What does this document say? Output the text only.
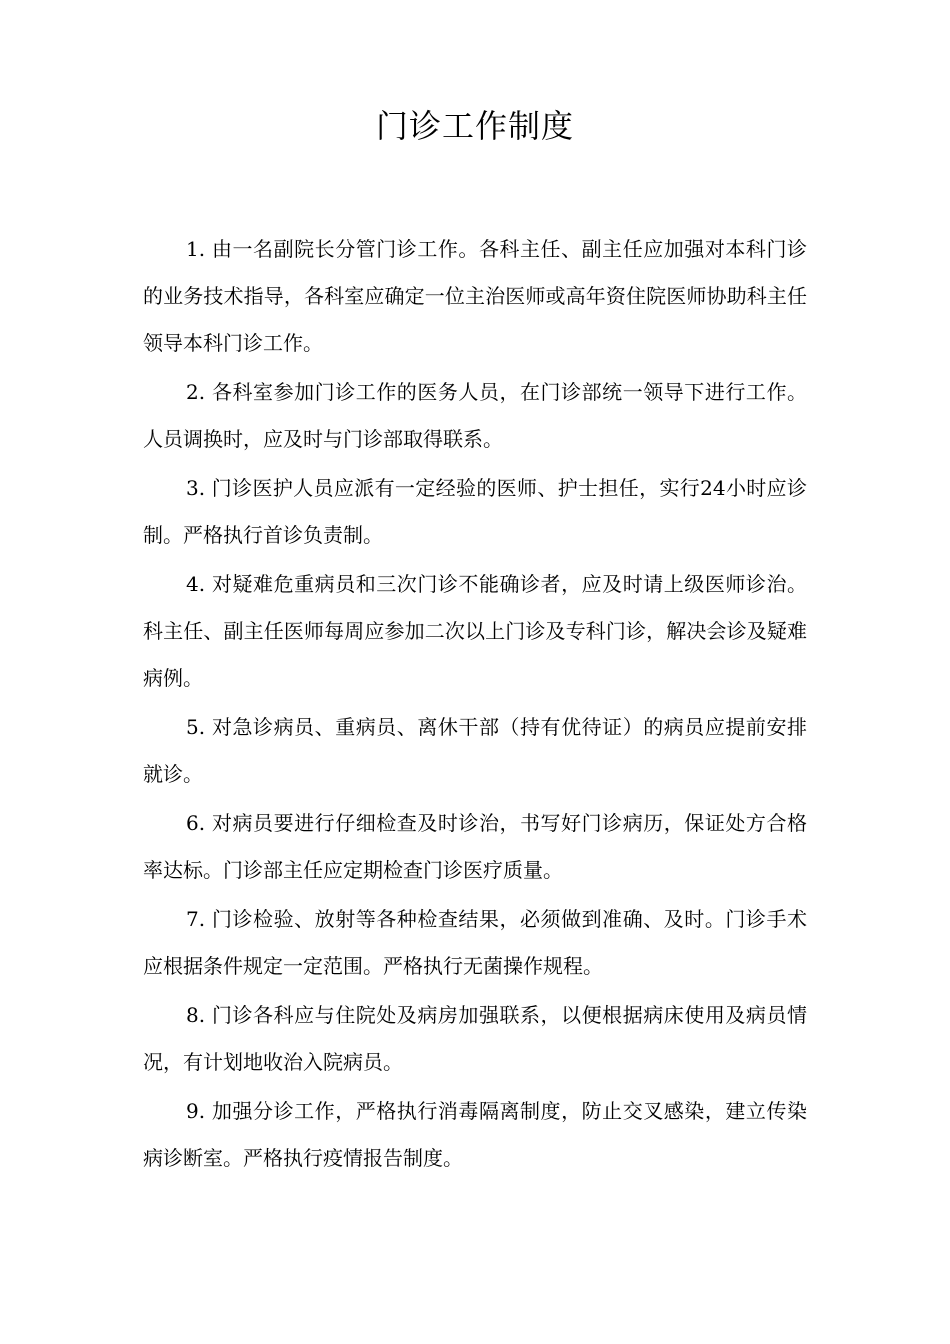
门诊工作制度

1. 由一名副院长分管门诊工作。各科主任、副主任应加强对本科门诊的业务技术指导，各科室应确定一位主治医师或高年资住院医师协助科主任领导本科门诊工作。

2. 各科室参加门诊工作的医务人员，在门诊部统一领导下进行工作。人员调换时，应及时与门诊部取得联系。

3. 门诊医护人员应派有一定经验的医师、护士担任，实行24小时应诊制。严格执行首诊负责制。

4. 对疑难危重病员和三次门诊不能确诊者，应及时请上级医师诊治。科主任、副主任医师每周应参加二次以上门诊及专科门诊，解决会诊及疑难病例。

5. 对急诊病员、重病员、离休干部（持有优待证）的病员应提前安排就诊。

6. 对病员要进行仔细检查及时诊治，书写好门诊病历，保证处方合格率达标。门诊部主任应定期检查门诊医疗质量。

7. 门诊检验、放射等各种检查结果，必须做到准确、及时。门诊手术应根据条件规定一定范围。严格执行无菌操作规程。

8. 门诊各科应与住院处及病房加强联系，以便根据病床使用及病员情况，有计划地收治入院病员。

9. 加强分诊工作，严格执行消毒隔离制度，防止交叉感染，建立传染病诊断室。严格执行疫情报告制度。
